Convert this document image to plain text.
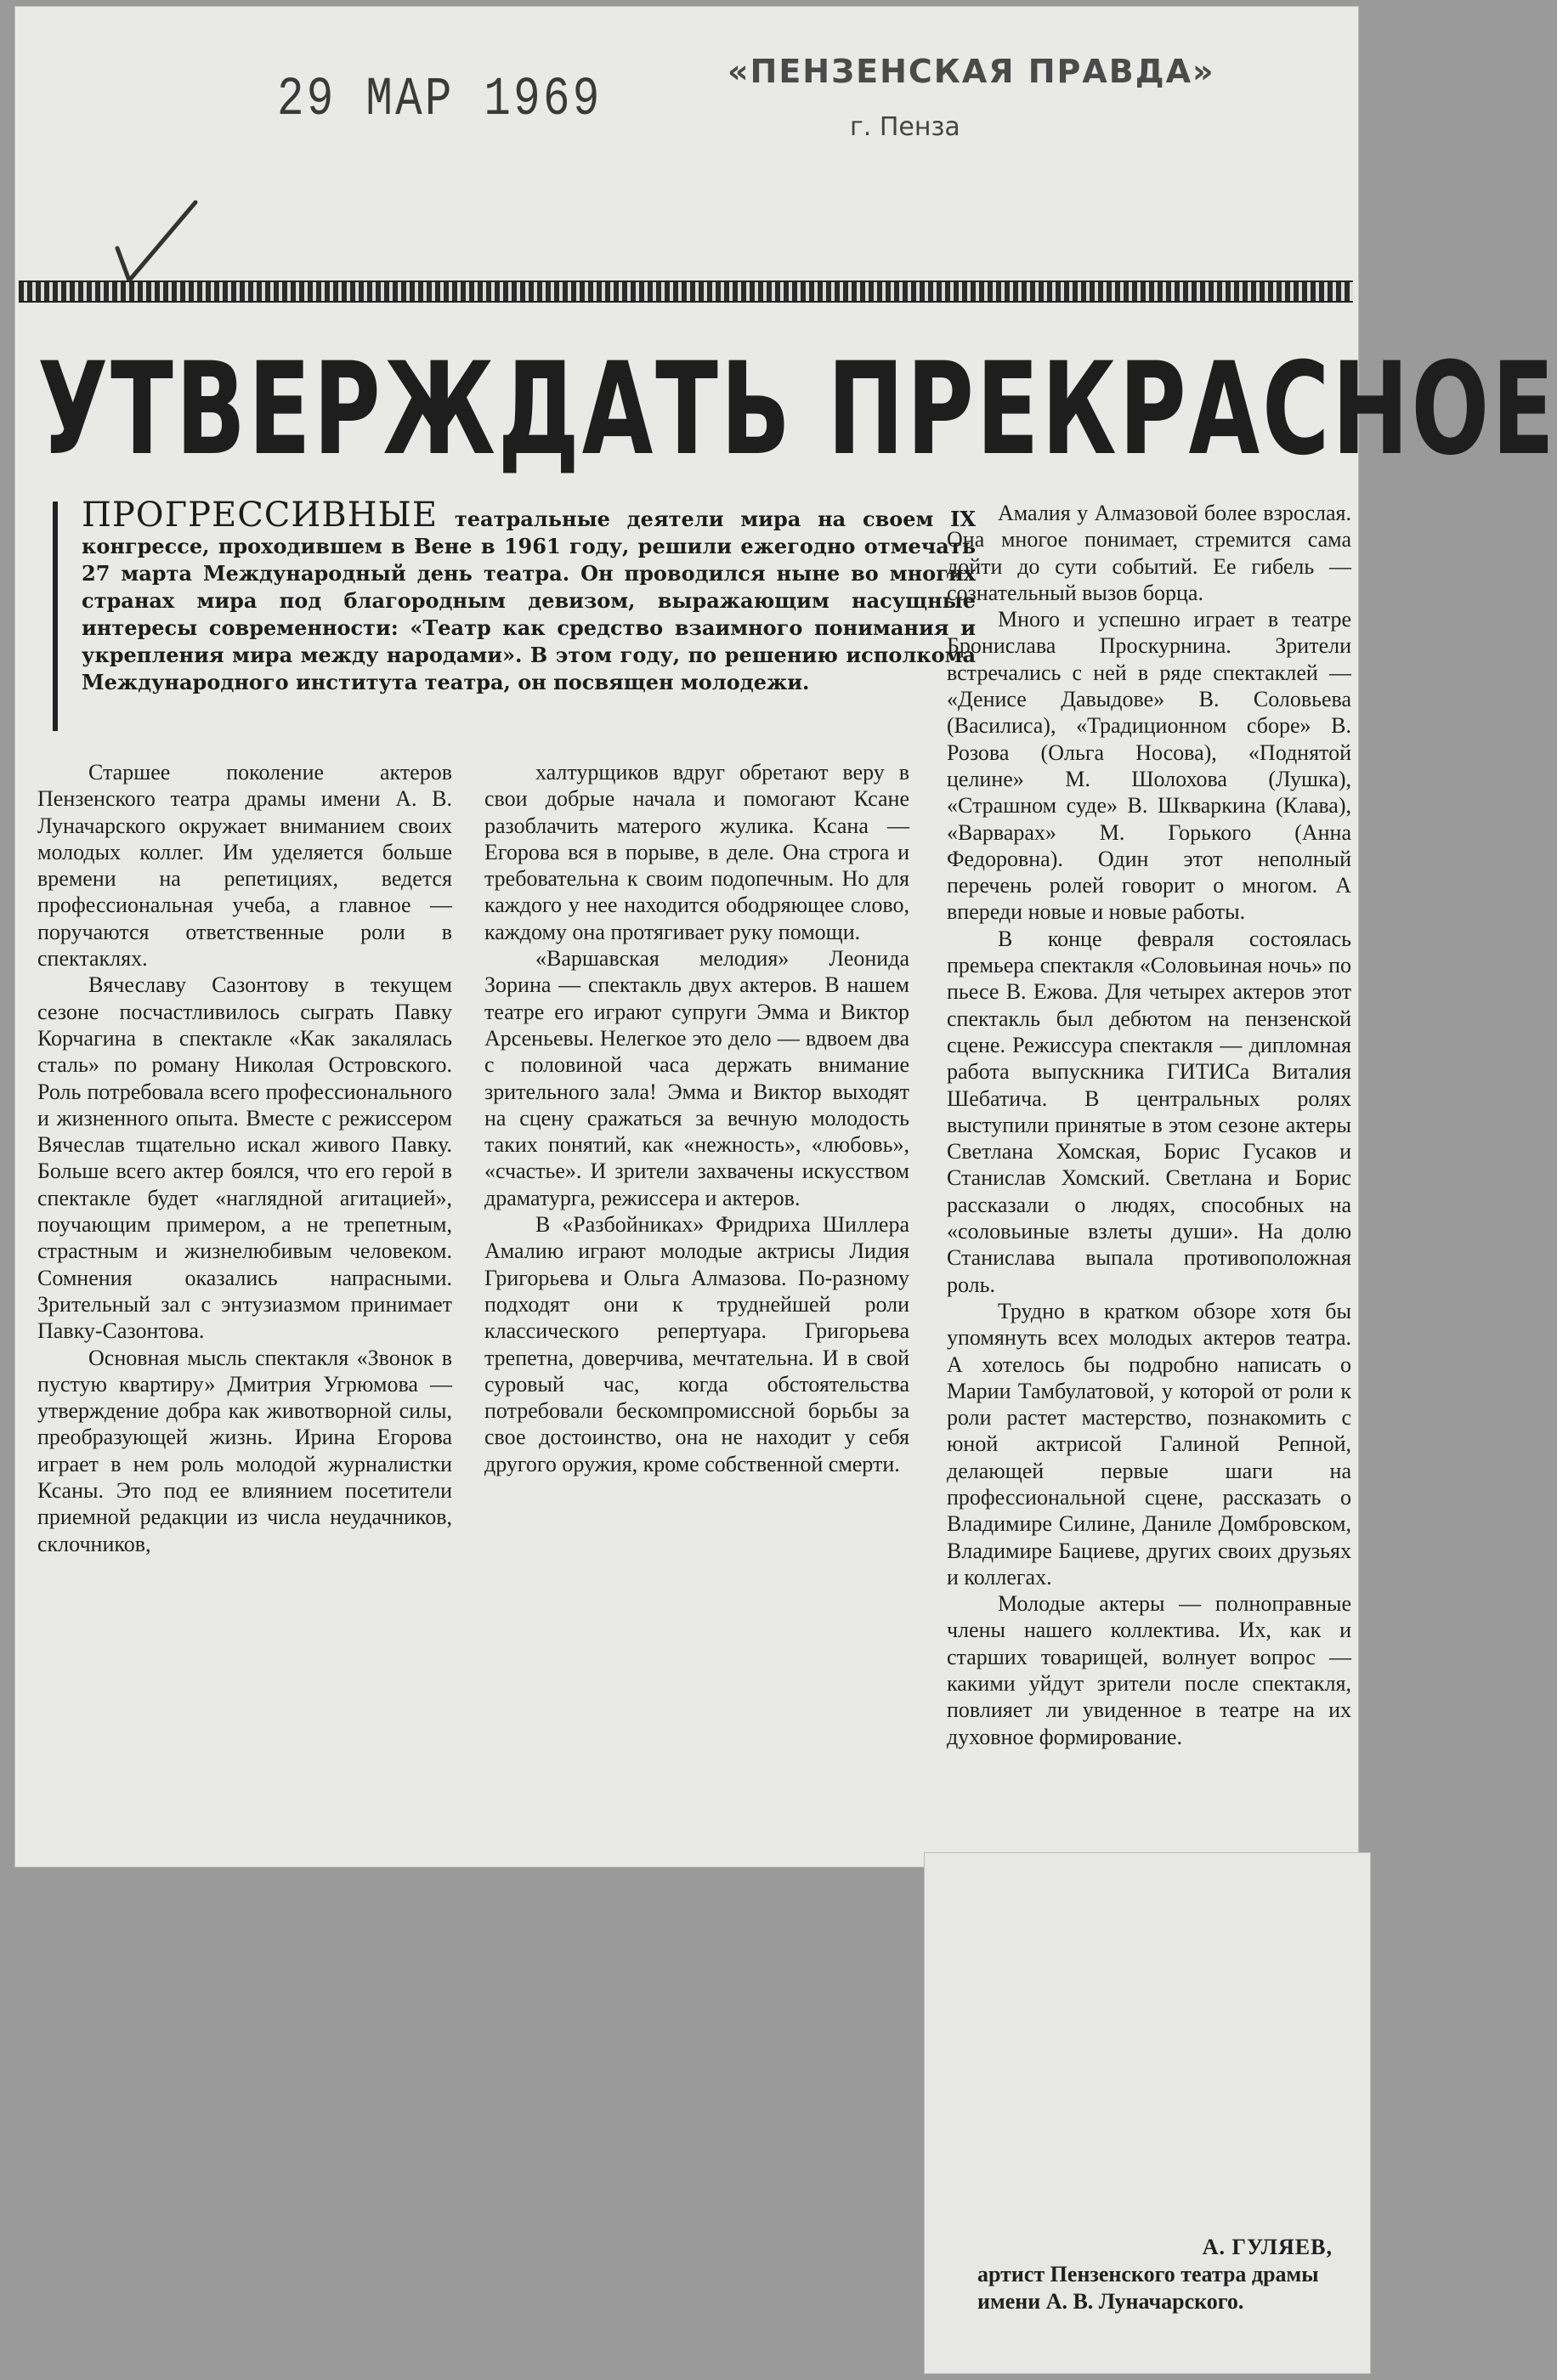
29 МАР 1969	«ПЕНЗЕНСКАЯ ПРАВДА»
г. Пенза
УТВЕРЖДАТЬ ПРЕКРАСНОЕ
ПРОГРЕССИВНЫЕ театральные деятели мира на своем IX конгрессе, проходившем в Вене в 1961 году, решили ежегодно отмечать 27 марта Международный день театра. Он проводился ныне во многих странах мира под благородным девизом, выражающим насущные интересы современности: «Театр как средство взаимного понимания и укрепления мира между народами». В этом году, по решению исполкома Международного института театра, он посвящен молодежи.

Старшее поколение актеров Пензенского театра драмы имени А. В. Луначарского окружает вниманием своих молодых коллег. Им уделяется больше времени на репетициях, ведется профессиональная учеба, а главное — поручаются ответственные роли в спектаклях.

Вячеславу Сазонтову в текущем сезоне посчастливилось сыграть Павку Корчагина в спектакле «Как закалялась сталь» по роману Николая Островского. Роль потребовала всего профессионального и жизненного опыта. Вместе с режиссером Вячеслав тщательно искал живого Павку. Больше всего актер боялся, что его герой в спектакле будет «наглядной агитацией», поучающим примером, а не трепетным, страстным и жизнелюбивым человеком. Сомнения оказались напрасными. Зрительный зал с энтузиазмом принимает Павку-Сазонтова.

Основная мысль спектакля «Звонок в пустую квартиру» Дмитрия Угрюмова — утверждение добра как животворной силы, преобразующей жизнь. Ирина Егорова играет в нем роль молодой журналистки Ксаны. Это под ее влиянием посетители приемной редакции из числа неудачников, склочников,

халтурщиков вдруг обретают веру в свои добрые начала и помогают Ксане разоблачить матерого жулика. Ксана — Егорова вся в порыве, в деле. Она строга и требовательна к своим подопечным. Но для каждого у нее находится ободряющее слово, каждому она протягивает руку помощи.

«Варшавская мелодия» Леонида Зорина — спектакль двух актеров. В нашем театре его играют супруги Эмма и Виктор Арсеньевы. Нелегкое это дело — вдвоем два с половиной часа держать внимание зрительного зала! Эмма и Виктор выходят на сцену сражаться за вечную молодость таких понятий, как «нежность», «любовь», «счастье». И зрители захвачены искусством драматурга, режиссера и актеров.

В «Разбойниках» Фридриха Шиллера Амалию играют молодые актрисы Лидия Григорьева и Ольга Алмазова. По-разному подходят они к труднейшей роли классического репертуара. Григорьева трепетна, доверчива, мечтательна. И в свой суровый час, когда обстоятельства потребовали бескомпромиссной борьбы за свое достоинство, она не находит у себя другого оружия, кроме собственной смерти.

Амалия у Алмазовой более взрослая. Она многое понимает, стремится сама дойти до сути событий. Ее гибель — сознательный вызов борца.

Много и успешно играет в театре Бронислава Проскурнина. Зрители встречались с ней в ряде спектаклей — «Денисе Давыдове» В. Соловьева (Василиса), «Традиционном сборе» В. Розова (Ольга Носова), «Поднятой целине» М. Шолохова (Лушка), «Страшном суде» В. Шкваркина (Клава), «Варварах» М. Горького (Анна Федоровна). Один этот неполный перечень ролей говорит о многом. А впереди новые и новые работы.

В конце февраля состоялась премьера спектакля «Соловьиная ночь» по пьесе В. Ежова. Для четырех актеров этот спектакль был дебютом на пензенской сцене. Режиссура спектакля — дипломная работа выпускника ГИТИСа Виталия Шебатича. В центральных ролях выступили принятые в этом сезоне актеры Светлана Хомская, Борис Гусаков и Станислав Хомский. Светлана и Борис рассказали о людях, способных на «соловьиные взлеты души». На долю Станислава выпала противоположная роль.

Трудно в кратком обзоре хотя бы упомянуть всех молодых актеров театра. А хотелось бы подробно написать о Марии Тамбулатовой, у которой от роли к роли растет мастерство, познакомить с юной актрисой Галиной Репной, делающей первые шаги на профессиональной сцене, рассказать о Владимире Силине, Даниле Домбровском, Владимире Бациеве, других своих друзьях и коллегах.

Молодые актеры — полноправные члены нашего коллектива. Их, как и старших товарищей, волнует вопрос — какими уйдут зрители после спектакля, повлияет ли увиденное в театре на их духовное формирование.

А. ГУЛЯЕВ,
артист Пензенского театра драмы имени А. В. Луначарского.
